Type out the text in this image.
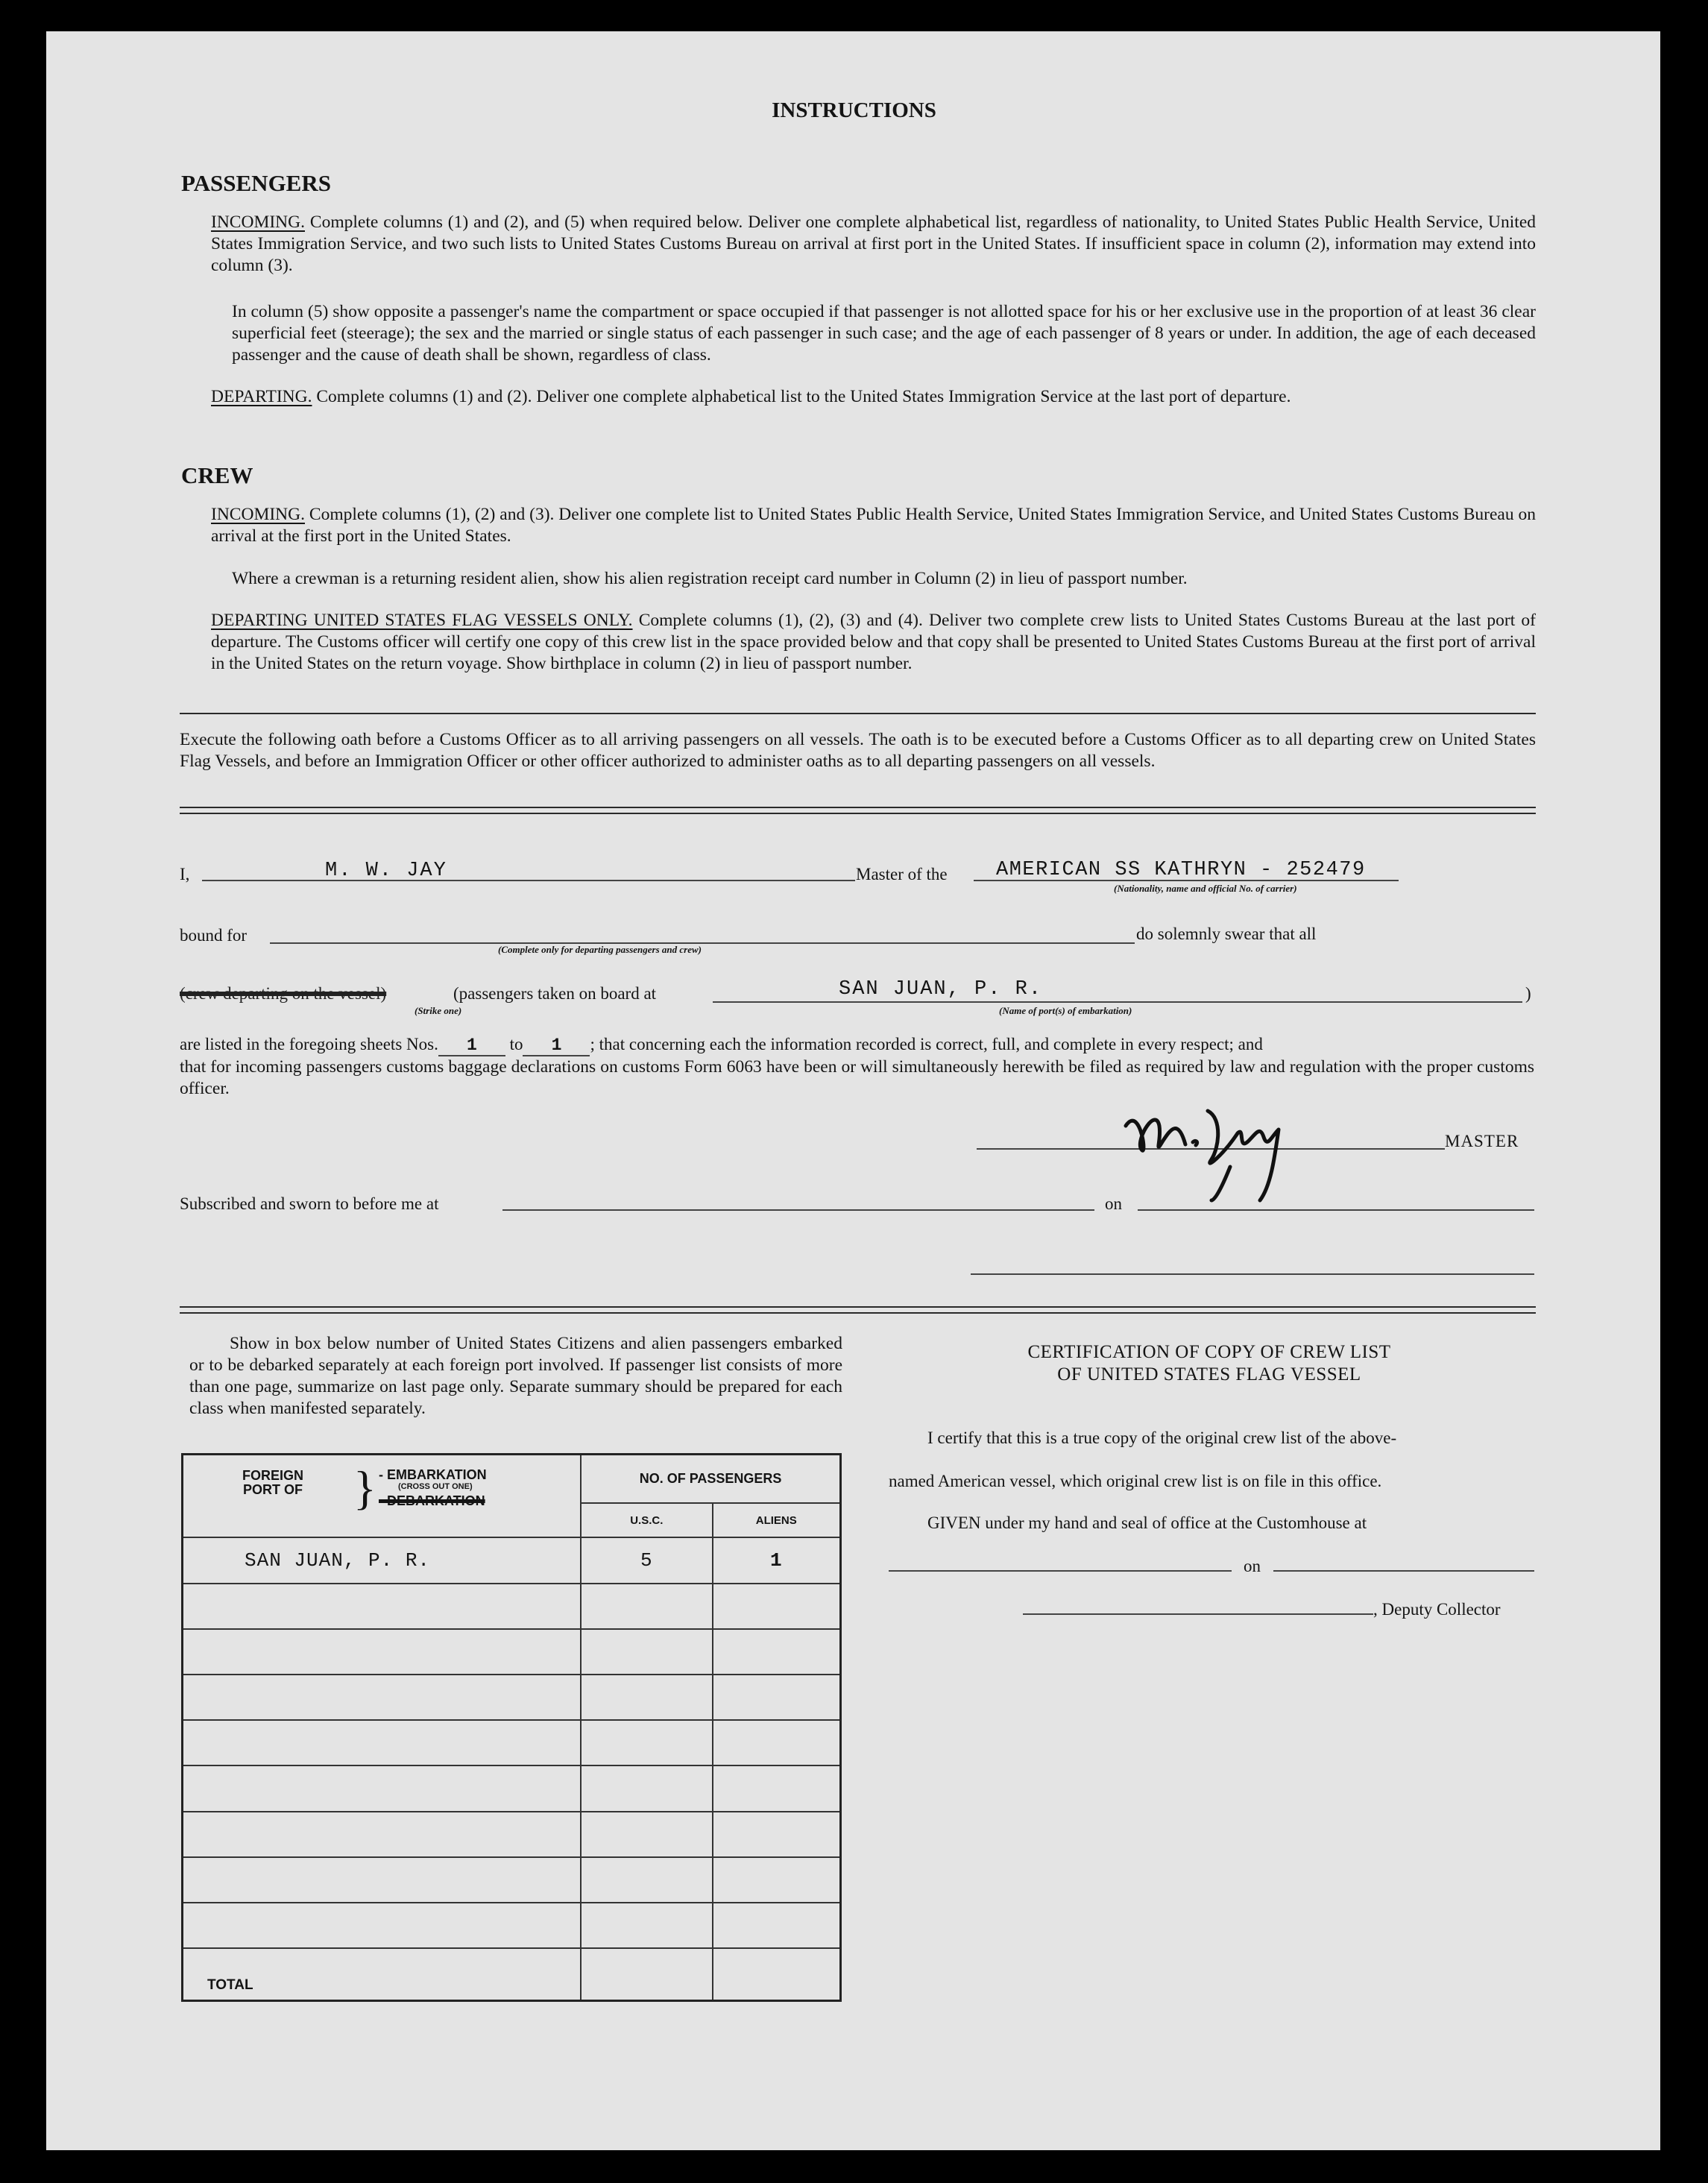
INSTRUCTIONS
PASSENGERS
INCOMING. Complete columns (1) and (2), and (5) when required below. Deliver one complete alphabetical list, regardless of nationality, to United States Public Health Service, United States Immigration Service, and two such lists to United States Customs Bureau on arrival at first port in the United States. If insufficient space in column (2), information may extend into column (3).
In column (5) show opposite a passenger's name the compartment or space occupied if that passenger is not allotted space for his or her exclusive use in the proportion of at least 36 clear superficial feet (steerage); the sex and the married or single status of each passenger in such case; and the age of each passenger of 8 years or under. In addition, the age of each deceased passenger and the cause of death shall be shown, regardless of class.
DEPARTING. Complete columns (1) and (2). Deliver one complete alphabetical list to the United States Immigration Service at the last port of departure.
CREW
INCOMING. Complete columns (1), (2) and (3). Deliver one complete list to United States Public Health Service, United States Immigration Service, and United States Customs Bureau on arrival at the first port in the United States.
Where a crewman is a returning resident alien, show his alien registration receipt card number in Column (2) in lieu of passport number.
DEPARTING UNITED STATES FLAG VESSELS ONLY. Complete columns (1), (2), (3) and (4). Deliver two complete crew lists to United States Customs Bureau at the last port of departure. The Customs officer will certify one copy of this crew list in the space provided below and that copy shall be presented to United States Customs Bureau at the first port of arrival in the United States on the return voyage. Show birthplace in column (2) in lieu of passport number.
Execute the following oath before a Customs Officer as to all arriving passengers on all vessels. The oath is to be executed before a Customs Officer as to all departing crew on United States Flag Vessels, and before an Immigration Officer or other officer authorized to administer oaths as to all departing passengers on all vessels.
I,	M. W. JAY	Master of the AMERICAN SS KATHRYN - 252479
(Nationality, name and official No. of carrier)
bound for
(Complete only for departing passengers and crew)
do solemnly swear that all
(crew departing on the vessel)	(passengers taken on board at
(Strike one)
SAN JUAN, P. R.	)
(Name of port(s) of embarkation)
are listed in the foregoing sheets Nos. 1 to 1 ; that concerning each the information recorded is correct, full, and complete in every respect; and
that for incoming passengers customs baggage declarations on customs Form 6063 have been or will simultaneously herewith be filed as required by law and regulation with the proper customs officer.
MASTER
Subscribed and sworn to before me at	on
Show in box below number of United States Citizens and alien passengers embarked or to be debarked separately at each foreign port involved. If passenger list consists of more than one page, summarize on last page only. Separate summary should be prepared for each class when manifested separately.
FOREIGN PORT OF } - EMBARKATION
(CROSS OUT ONE)
- DEBARKATION	NO. OF PASSENGERS	
	U.S.C.	ALIENS
SAN JUAN, P. R.	5	1

TOTAL		
CERTIFICATION OF COPY OF CREW LIST
OF UNITED STATES FLAG VESSEL
I certify that this is a true copy of the original crew list of the above-
named American vessel, which original crew list is on file in this office.
GIVEN under my hand and seal of office at the Customhouse at
on
, Deputy Collector
